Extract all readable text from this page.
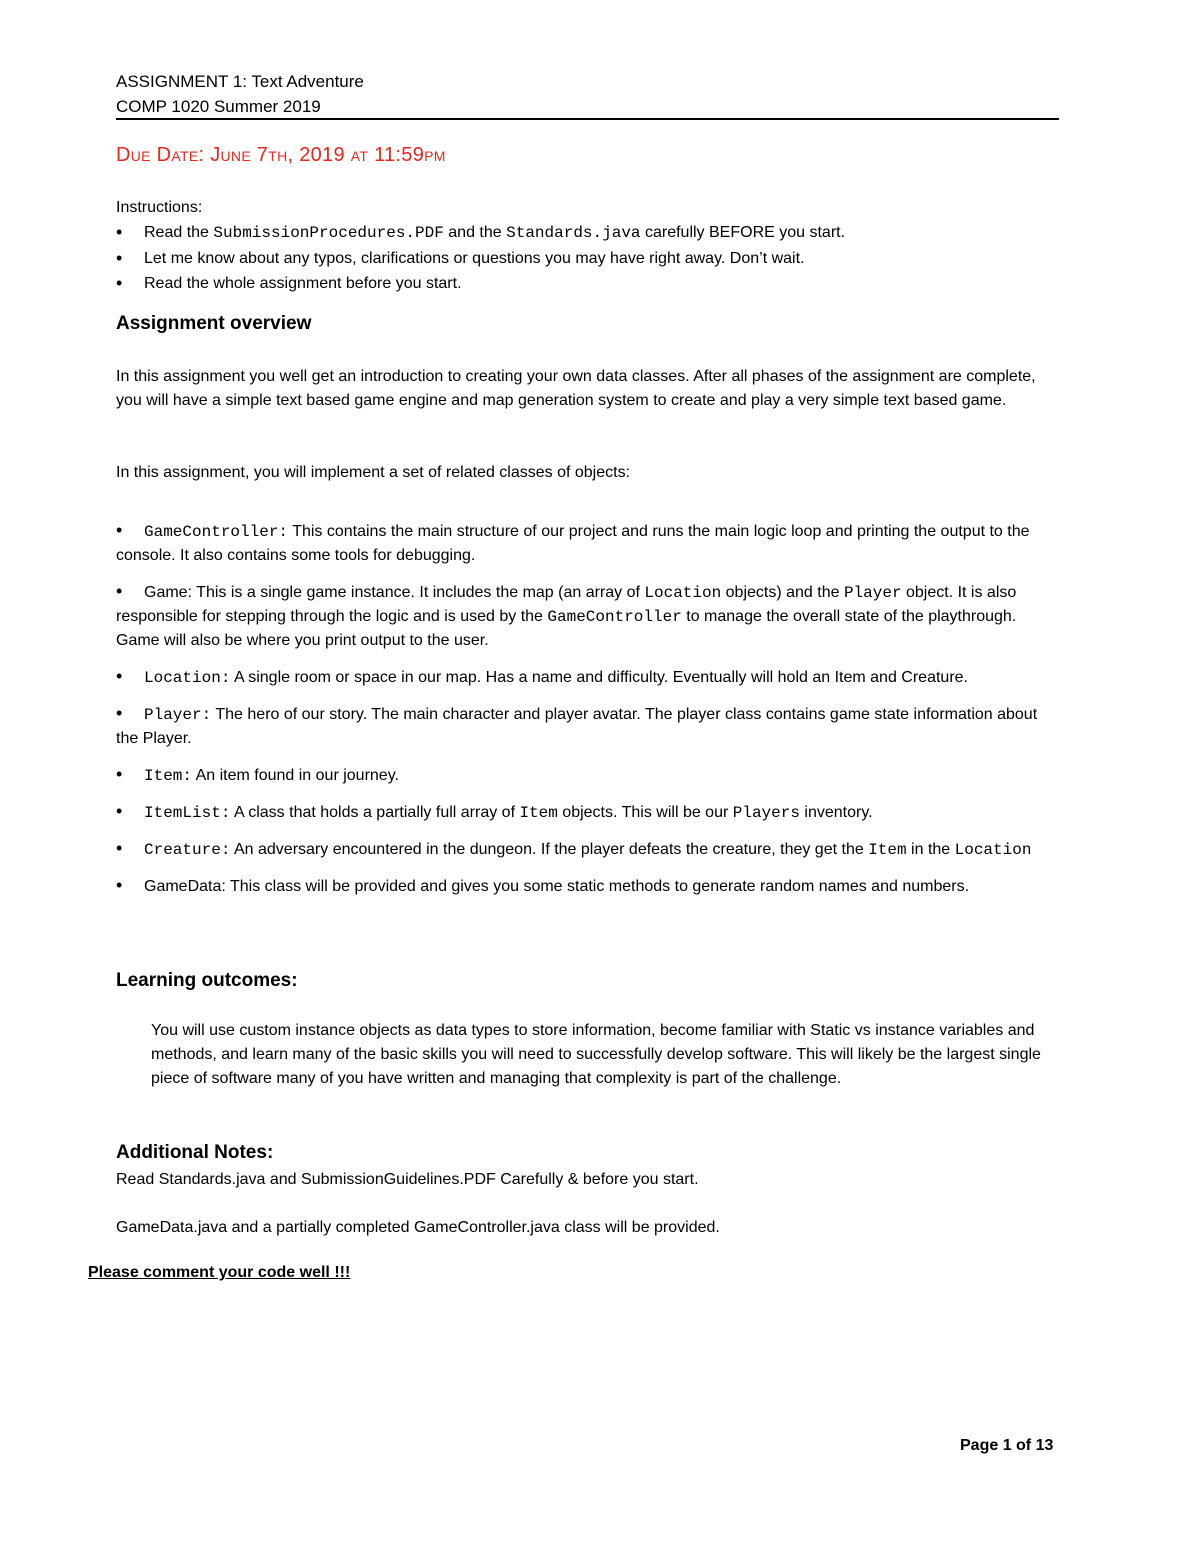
ASSIGNMENT 1: Text Adventure
COMP 1020 Summer 2019
Due Date: June 7th, 2019 at 11:59pm
Instructions:
• Read the SubmissionProcedures.PDF and the Standards.java carefully BEFORE you start.
• Let me know about any typos, clarifications or questions you may have right away. Don’t wait.
• Read the whole assignment before you start.
Assignment overview

In this assignment you well get an introduction to creating your own data classes. After all phases of the assignment are complete, you will have a simple text based game engine and map generation system to create and play a very simple text based game.

In this assignment, you will implement a set of related classes of objects:

• GameController: This contains the main structure of our project and runs the main logic loop and printing the output to the console. It also contains some tools for debugging.
• Game: This is a single game instance. It includes the map (an array of Location objects) and the Player object. It is also responsible for stepping through the logic and is used by the GameController to manage the overall state of the playthrough. Game will also be where you print output to the user.
• Location: A single room or space in our map. Has a name and difficulty. Eventually will hold an Item and Creature.
• Player: The hero of our story. The main character and player avatar. The player class contains game state information about the Player.
• Item: An item found in our journey.
• ItemList: A class that holds a partially full array of Item objects. This will be our Players inventory.
• Creature: An adversary encountered in the dungeon. If the player defeats the creature, they get the Item in the Location
• GameData: This class will be provided and gives you some static methods to generate random names and numbers.
Learning outcomes:

You will use custom instance objects as data types to store information, become familiar with Static vs instance variables and methods, and learn many of the basic skills you will need to successfully develop software. This will likely be the largest single piece of software many of you have written and managing that complexity is part of the challenge.

Additional Notes:
Read Standards.java and SubmissionGuidelines.PDF Carefully & before you start.
GameData.java and a partially completed GameController.java class will be provided.
Please comment your code well !!!
Page 1 of 13
